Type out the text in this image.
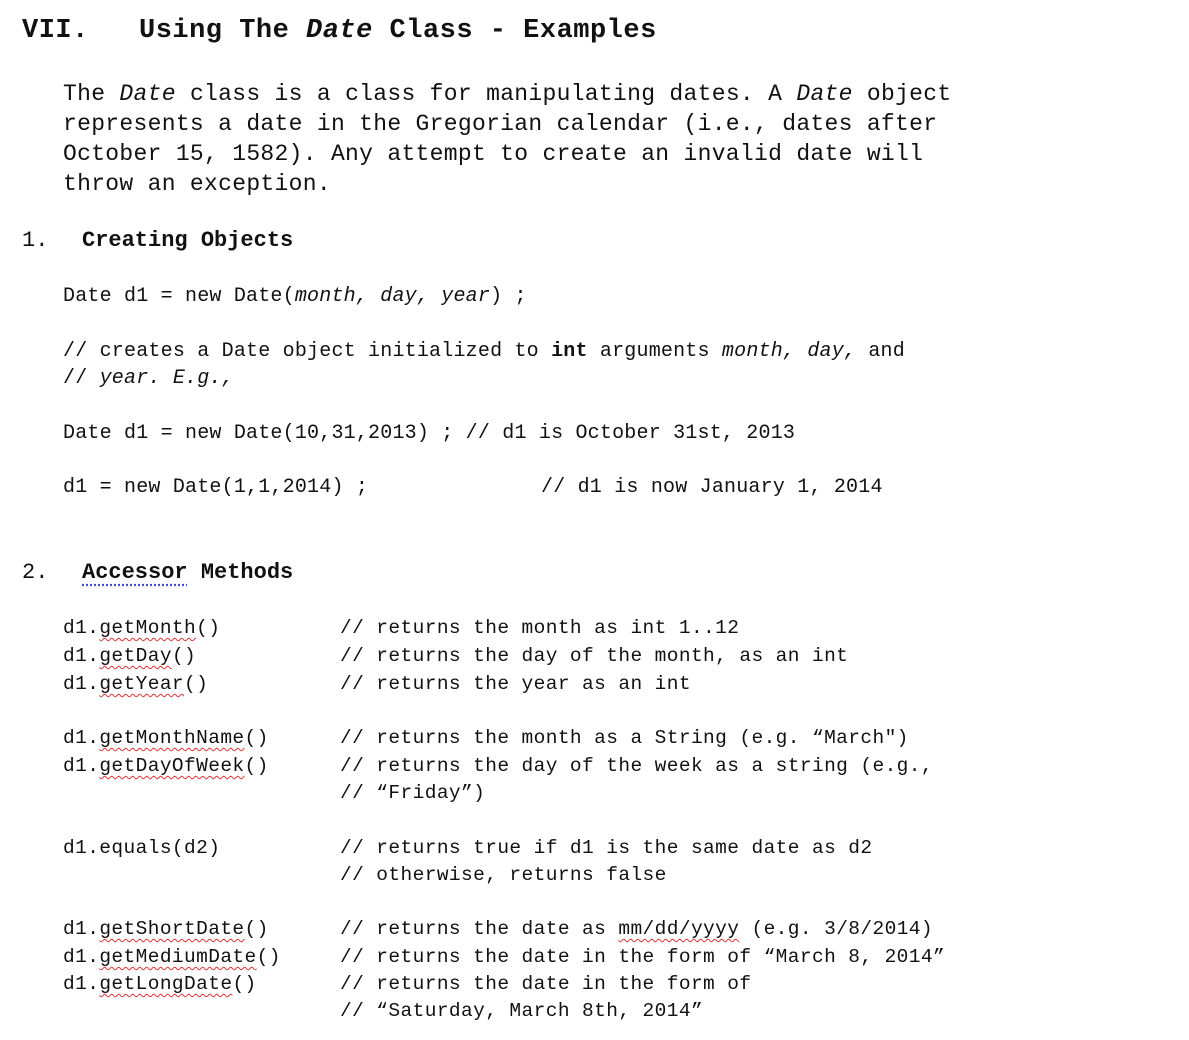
VII. Using The Date Class - Examples
The Date class is a class for manipulating dates. A Date object
represents a date in the Gregorian calendar (i.e., dates after
October 15, 1582). Any attempt to create an invalid date will
throw an exception.
1. Creating Objects
Date d1 = new Date(month, day, year) ;
// creates a Date object initialized to int arguments month, day, and
// year. E.g.,
Date d1 = new Date(10,31,2013) ; // d1 is October 31st, 2013
d1 = new Date(1,1,2014) ;	// d1 is now January 1, 2014
2. Accessor Methods
d1.getMonth()	// returns the month as int 1..12
d1.getDay()	// returns the day of the month, as an int
d1.getYear()	// returns the year as an int
d1.getMonthName()	// returns the month as a String (e.g. “March")
d1.getDayOfWeek()	// returns the day of the week as a string (e.g.,
// “Friday”)
d1.equals(d2)	// returns true if d1 is the same date as d2
// otherwise, returns false
d1.getShortDate()	// returns the date as mm/dd/yyyy (e.g. 3/8/2014)
d1.getMediumDate()	// returns the date in the form of “March 8, 2014”
d1.getLongDate()	// returns the date in the form of
// “Saturday, March 8th, 2014”
